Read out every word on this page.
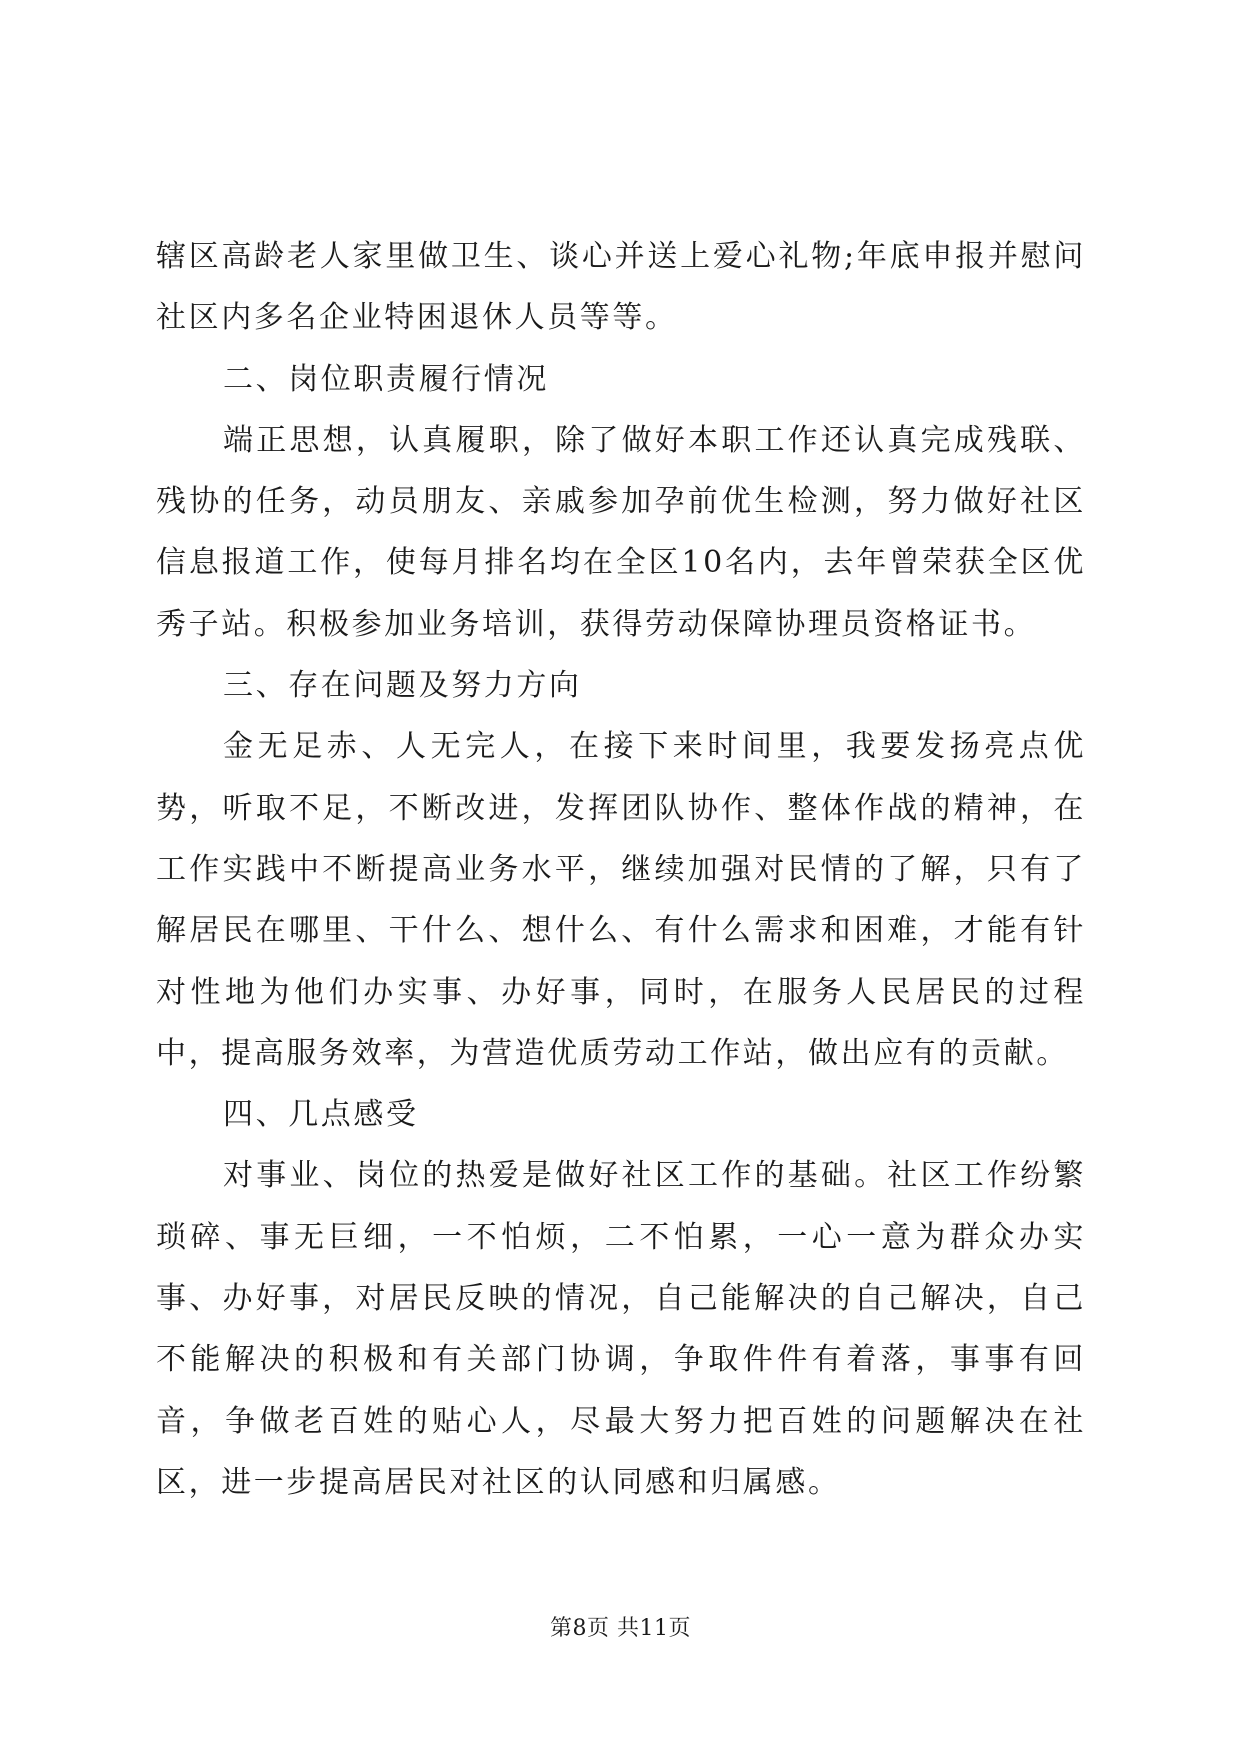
辖区高龄老人家里做卫生、谈心并送上爱心礼物;年底申报并慰问社区内多名企业特困退休人员等等。

二、岗位职责履行情况

端正思想，认真履职，除了做好本职工作还认真完成残联、残协的任务，动员朋友、亲戚参加孕前优生检测，努力做好社区信息报道工作，使每月排名均在全区10名内，去年曾荣获全区优秀子站。积极参加业务培训，获得劳动保障协理员资格证书。

三、存在问题及努力方向

金无足赤、人无完人，在接下来时间里，我要发扬亮点优势，听取不足，不断改进，发挥团队协作、整体作战的精神，在工作实践中不断提高业务水平，继续加强对民情的了解，只有了解居民在哪里、干什么、想什么、有什么需求和困难，才能有针对性地为他们办实事、办好事，同时，在服务人民居民的过程中，提高服务效率，为营造优质劳动工作站，做出应有的贡献。

四、几点感受

对事业、岗位的热爱是做好社区工作的基础。社区工作纷繁琐碎、事无巨细，一不怕烦，二不怕累，一心一意为群众办实事、办好事，对居民反映的情况，自己能解决的自己解决，自己不能解决的积极和有关部门协调，争取件件有着落，事事有回音，争做老百姓的贴心人，尽最大努力把百姓的问题解决在社区，进一步提高居民对社区的认同感和归属感。

第8页 共11页
